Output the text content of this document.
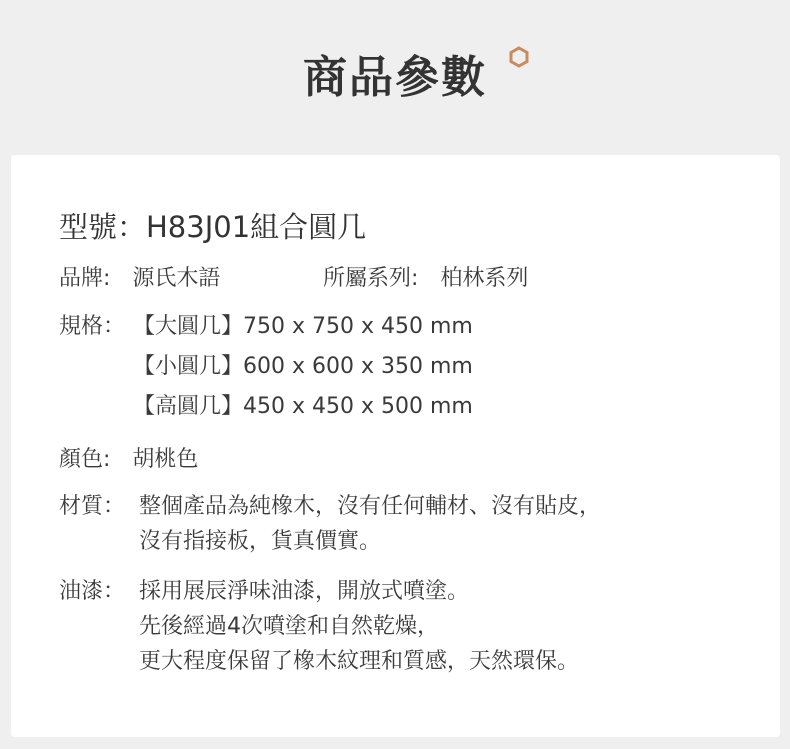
商品參數
型號：H83J01組合圓几
品牌: 源氏木語	所屬系列: 柏林系列
規格： 【大圓几】750 x 750 x 450 mm
【小圓几】600 x 600 x 350 mm
【高圓几】450 x 450 x 500 mm
顏色: 胡桃色
材質： 整個產品為純橡木，沒有任何輔材、沒有貼皮，
沒有指接板，貨真價實。
油漆： 採用展辰淨味油漆，開放式噴塗。
先後經過4次噴塗和自然乾燥，
更大程度保留了橡木紋理和質感，天然環保。
